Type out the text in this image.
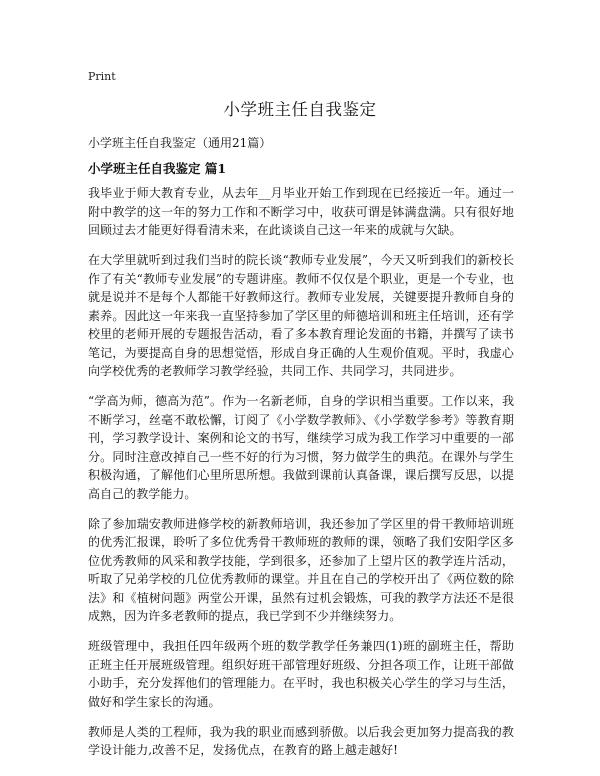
Print
小学班主任自我鉴定
小学班主任自我鉴定（通用21篇）
小学班主任自我鉴定 篇1

我毕业于师大教育专业，从去年__月毕业开始工作到现在已经接近一年。通过一附中教学的这一年的努力工作和不断学习中，收获可谓是钵满盘满。只有很好地回顾过去才能更好得看清未来，在此谈谈自己这一年来的成就与欠缺。

在大学里就听到过我们当时的院长谈“教师专业发展”，今天又听到我们的新校长作了有关“教师专业发展”的专题讲座。教师不仅仅是个职业，更是一个专业，也就是说并不是每个人都能干好教师这行。教师专业发展，关键要提升教师自身的素养。因此这一年来我一直坚持参加了学区里的师德培训和班主任培训，还有学校里的老师开展的专题报告活动，看了多本教育理论发面的书籍，并撰写了读书笔记，为要提高自身的思想觉悟，形成自身正确的人生观价值观。平时，我虚心向学校优秀的老教师学习教学经验，共同工作、共同学习，共同进步。

“学高为师，德高为范”。作为一名新老师，自身的学识相当重要。工作以来，我不断学习，丝毫不敢松懈，订阅了《小学数学教师》、《小学数学参考》等教育期刊，学习教学设计、案例和论文的书写，继续学习成为我工作学习中重要的一部分。同时注意改掉自己一些不好的行为习惯，努力做学生的典范。在课外与学生积极沟通，了解他们心里所思所想。我做到课前认真备课，课后撰写反思，以提高自己的教学能力。

除了参加瑞安教师进修学校的新教师培训，我还参加了学区里的骨干教师培训班的优秀汇报课，聆听了多位优秀骨干教师班的教师的课，领略了我们安阳学区多位优秀教师的风采和教学技能，学到很多，还参加了上望片区的教学连片活动，听取了兄弟学校的几位优秀教师的课堂。并且在自己的学校开出了《两位数的除法》和《植树问题》两堂公开课，虽然有过机会锻炼，可我的教学方法还不是很成熟，因为许多老教师的提点，我已学到不少并继续努力。

班级管理中，我担任四年级两个班的数学教学任务兼四(1)班的副班主任，帮助正班主任开展班级管理。组织好班干部管理好班级、分担各项工作，让班干部做小助手，充分发挥他们的管理能力。在平时，我也积极关心学生的学习与生活，做好和学生家长的沟通。

教师是人类的工程师，我为我的职业而感到骄傲。以后我会更加努力提高我的教学设计能力,改善不足，发扬优点，在教育的路上越走越好!
